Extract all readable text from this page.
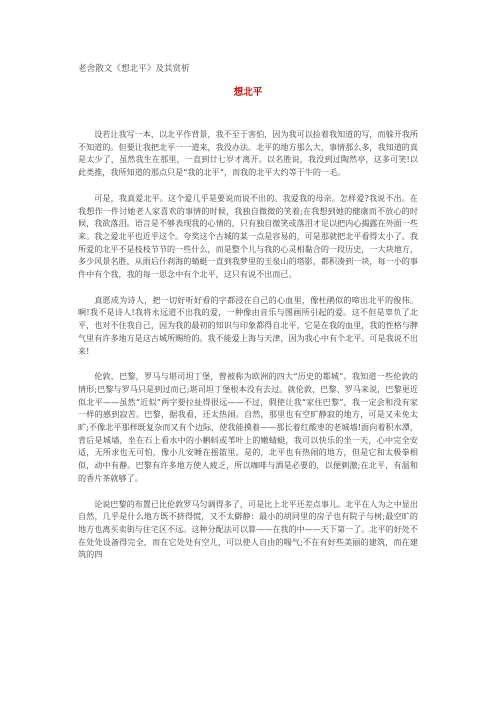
老舍散文《想北平》及其赏析
想北平

设若让我写一本、以北平作背景，我不至于害怕，因为我可以捡着我知道的写，而躲开我所不知道的。但要让我把北平一一道来，我没办法。北平的地方那么大，事情那么多，我知道的真是太少了，虽然我生在那里，一直到廿七岁才离开。以名胜说，我没到过陶然亭，这多可笑!以此类推，我所知道的那点只是“我的北平”，而我的北平大约等于牛的一毛。

可是，我真爱北平。这个爱几乎是要说而说不出的。我爱我的母亲。怎样爱?我说不出。在我想作一件讨她老人家喜欢的事情的时候，我独自微微的笑着;在我想到她的健康而不放心的时候，我欲落泪。语言是不够表现我的心情的，只有独自微笑或落泪才足以把内心揭露在外面一些来。我之爱北平也近乎这个。夸奖这个古城的某一点是容易的，可是那就把北平看得太小了。我所爱的北平不是枝枝节节的一些什么，而是整个儿与我的心灵相黏合的一段历史，一大块地方，多少风景名胜，从雨后什刹海的蜻蜓一直到我梦里的玉泉山的塔影，都积凑到一块，每一小的事件中有个我，我的每一思念中有个北平，这只有说不出而已。

真愿成为诗人，把一切好听好看的字都浸在自己的心血里，像杜鹃似的啼出北平的俊伟。啊!我不是诗人!我将永远道不出我的爱，一种像由音乐与图画所引起的爱。这不但是辜负了北平，也对不住我自己，因为我的最初的知识与印象都得自北平，它是在我的血里，我的性格与脾气里有许多地方是这古城所赐给的。我不能爱上海与天津，因为我心中有个北平。可是我说不出来!

伦敦，巴黎，罗马与堪司坦丁堡，曾被称为欧洲的四大“历史的都城”。我知道一些伦敦的情形;巴黎与罗马只是到过而已;堪司坦丁堡根本没有去过。就伦敦、巴黎、罗马来说，巴黎更近似北平——虽然“近似”两字要拉扯得很远——不过，假使让我“家住巴黎”，我一定会和没有家一样的感到寂苦。巴黎，据我看，还太热闹。自然，那里也有空旷静寂的地方，可是又未免太旷;不像北平那样既复杂而又有个边际，使我能摸着——那长着红酸枣的老城墙!面向着积水潭，背后是城墙，坐在石上看水中的小蝌蚪或苇叶上的嫩蜻蜓，我可以快乐的坐一天，心中完全安适，无所求也无可怕，像小儿安睡在摇篮里。是的，北平也有热闹的地方，但是它和太极拳相似，动中有静。巴黎有许多地方使人疲乏，所以咖啡与酒是必要的，以便刺激;在北平，有温和的香片茶就够了。

论说巴黎的布置已比伦敦罗马匀调得多了，可是比上北平还差点事儿。北平在人为之中显出自然，几乎是什么地方既不挤得慌，又不太僻静：最小的胡同里的房子也有院子与树;最空旷的地方也离买卖街与住宅区不远。这种分配法可以算——在我的中——天下第一了。北平的好处不在处处设备得完全，而在它处处有空儿，可以使人自由的喘气;不在有好些美丽的建筑，而在建筑的四
